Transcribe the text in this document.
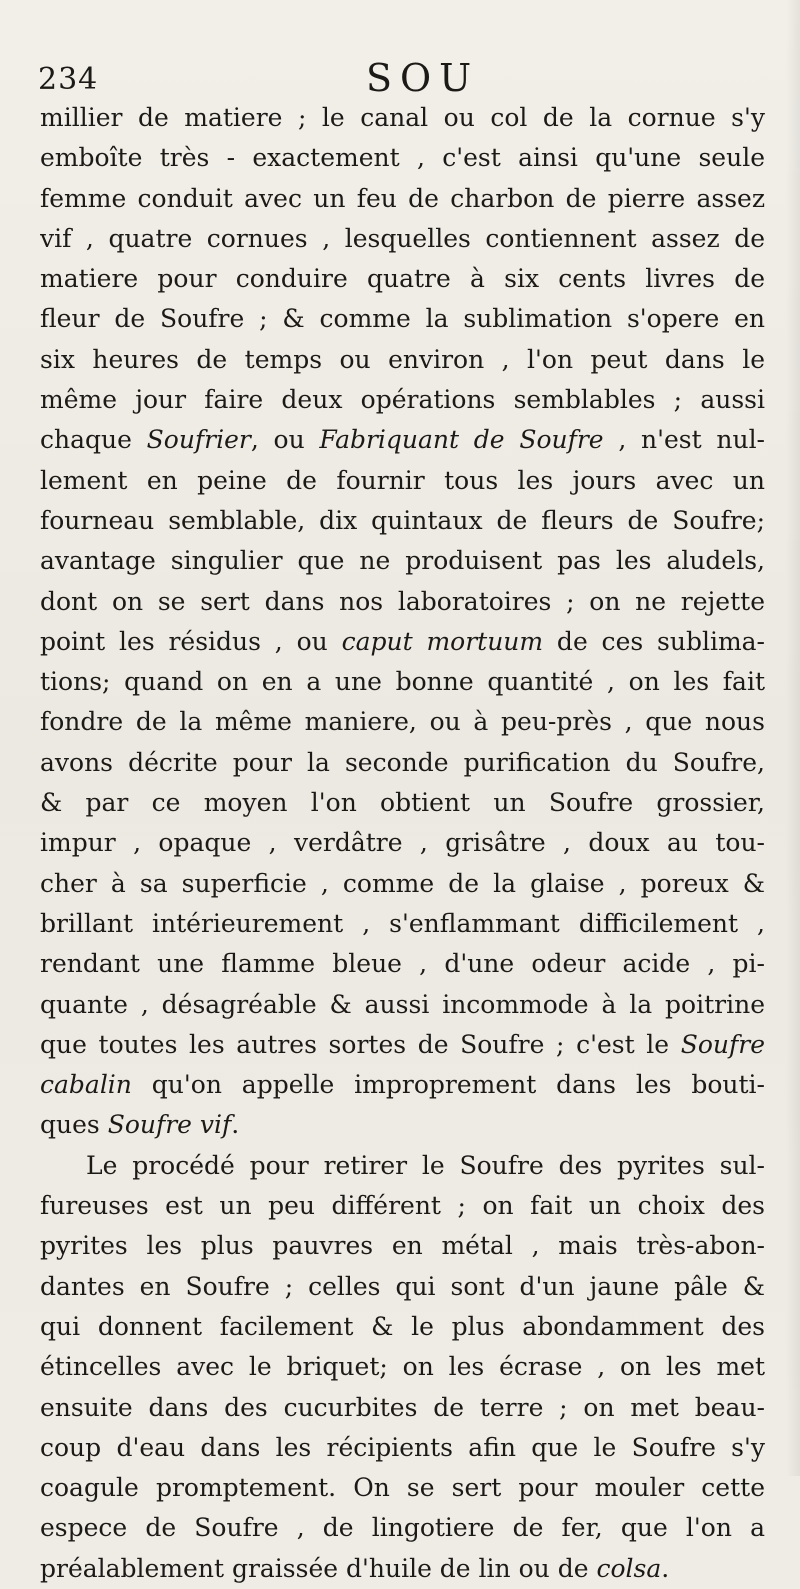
234	SOU
millier de matiere ; le canal ou col de la cornue s'y
emboîte très - exactement , c'est ainsi qu'une seule
femme conduit avec un feu de charbon de pierre assez
vif , quatre cornues , lesquelles contiennent assez de
matiere pour conduire quatre à six cents livres de
fleur de Soufre ; & comme la sublimation s'opere en
six heures de temps ou environ , l'on peut dans le
même jour faire deux opérations semblables ; aussi
chaque Soufrier, ou Fabriquant de Soufre , n'est nul-
lement en peine de fournir tous les jours avec un
fourneau semblable, dix quintaux de fleurs de Soufre;
avantage singulier que ne produisent pas les aludels,
dont on se sert dans nos laboratoires ; on ne rejette
point les résidus , ou caput mortuum de ces sublima-
tions; quand on en a une bonne quantité , on les fait
fondre de la même maniere, ou à peu-près , que nous
avons décrite pour la seconde purification du Soufre,
& par ce moyen l'on obtient un Soufre grossier,
impur , opaque , verdâtre , grisâtre , doux au tou-
cher à sa superficie , comme de la glaise , poreux &
brillant intérieurement , s'enflammant difficilement ,
rendant une flamme bleue , d'une odeur acide , pi-
quante , désagréable & aussi incommode à la poitrine
que toutes les autres sortes de Soufre ; c'est le Soufre
cabalin qu'on appelle improprement dans les bouti-
ques Soufre vif.
Le procédé pour retirer le Soufre des pyrites sul-
fureuses est un peu différent ; on fait un choix des
pyrites les plus pauvres en métal , mais très-abon-
dantes en Soufre ; celles qui sont d'un jaune pâle &
qui donnent facilement & le plus abondamment des
étincelles avec le briquet; on les écrase , on les met
ensuite dans des cucurbites de terre ; on met beau-
coup d'eau dans les récipients afin que le Soufre s'y
coagule promptement. On se sert pour mouler cette
espece de Soufre , de lingotiere de fer, que l'on a
préalablement graissée d'huile de lin ou de colsa.
